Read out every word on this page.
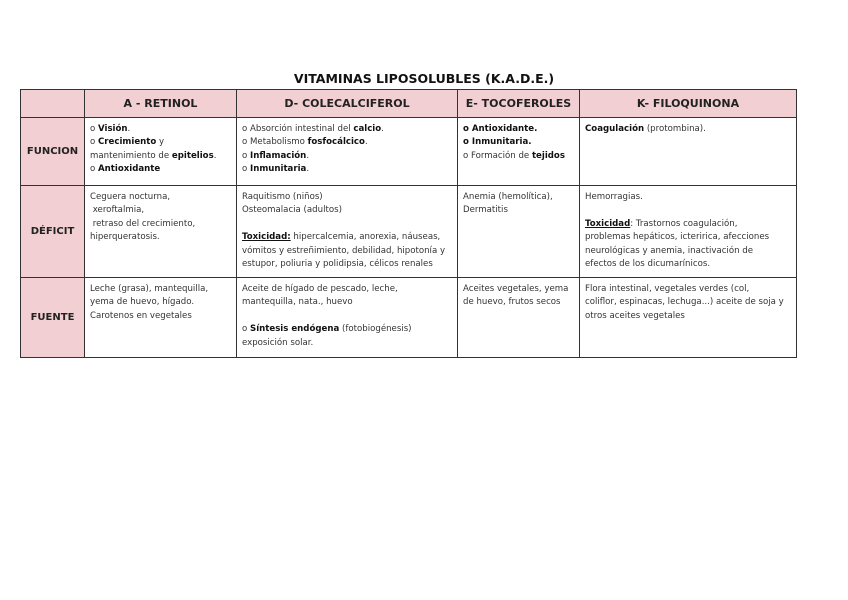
VITAMINAS LIPOSOLUBLES (K.A.D.E.)
	A - RETINOL	D- COLECALCIFEROL	E- TOCOFEROLES	K- FILOQUINONA
FUNCION	o Visión.
o Crecimiento y
mantenimiento de epitelios.
o Antioxidante	o Absorción intestinal del calcio.
o Metabolismo fosfocálcico.
o Inflamación.
o Inmunitaria.	o Antioxidante.
o Inmunitaria.
o Formación de tejidos	Coagulación (protombina).

DÉFICIT	Ceguera nocturna,
xeroftalmia,
retraso del crecimiento,
hiperqueratosis.	Raquitismo (niños)
Osteomalacia (adultos)
Toxicidad: hipercalcemia, anorexia, náuseas,
vómitos y estreñimiento, debilidad, hipotonía y
estupor, poliuria y polidipsia, célicos renales	Anemia (hemolítica),
Dermatitis	Hemorragias.
Toxicidad: Trastornos coagulación,
problemas hepáticos, icteririca, afecciones
neurológicas y anemia, inactivación de
efectos de los dicumarínicos.

FUENTE	Leche (grasa), mantequilla,
yema de huevo, hígado.
Carotenos en vegetales	Aceite de hígado de pescado, leche,
mantequilla, nata., huevo
o Síntesis endógena (fotobiogénesis)
exposición solar.	Aceites vegetales, yema
de huevo, frutos secos	Flora intestinal, vegetales verdes (col,
coliflor, espinacas, lechuga...) aceite de soja y
otros aceites vegetales
